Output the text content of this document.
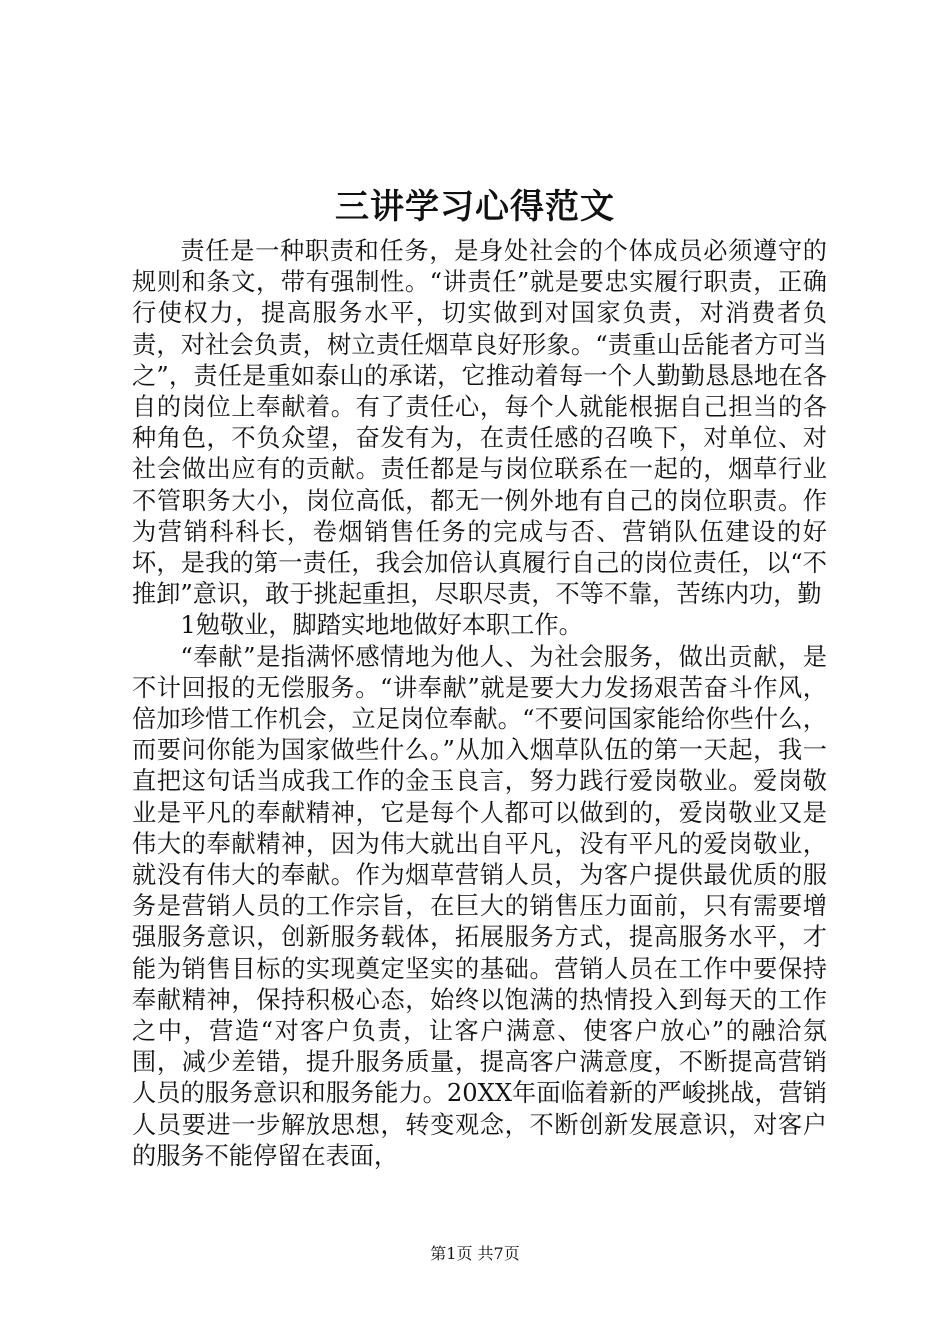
三讲学习心得范文

责任是一种职责和任务，是身处社会的个体成员必须遵守的规则和条文，带有强制性。“讲责任”就是要忠实履行职责，正确行使权力，提高服务水平，切实做到对国家负责，对消费者负责，对社会负责，树立责任烟草良好形象。“责重山岳能者方可当之”，责任是重如泰山的承诺，它推动着每一个人勤勤恳恳地在各自的岗位上奉献着。有了责任心，每个人就能根据自己担当的各种角色，不负众望，奋发有为，在责任感的召唤下，对单位、对社会做出应有的贡献。责任都是与岗位联系在一起的，烟草行业不管职务大小，岗位高低，都无一例外地有自己的岗位职责。作为营销科科长，卷烟销售任务的完成与否、营销队伍建设的好坏，是我的第一责任，我会加倍认真履行自己的岗位责任，以“不推卸”意识，敢于挑起重担，尽职尽责，不等不靠，苦练内功，勤

1勉敬业，脚踏实地地做好本职工作。

“奉献”是指满怀感情地为他人、为社会服务，做出贡献，是不计回报的无偿服务。“讲奉献”就是要大力发扬艰苦奋斗作风，倍加珍惜工作机会，立足岗位奉献。“不要问国家能给你些什么，而要问你能为国家做些什么。”从加入烟草队伍的第一天起，我一直把这句话当成我工作的金玉良言，努力践行爱岗敬业。爱岗敬业是平凡的奉献精神，它是每个人都可以做到的，爱岗敬业又是伟大的奉献精神，因为伟大就出自平凡，没有平凡的爱岗敬业，就没有伟大的奉献。作为烟草营销人员，为客户提供最优质的服务是营销人员的工作宗旨，在巨大的销售压力面前，只有需要增强服务意识，创新服务载体，拓展服务方式，提高服务水平，才能为销售目标的实现奠定坚实的基础。营销人员在工作中要保持奉献精神，保持积极心态，始终以饱满的热情投入到每天的工作之中，营造“对客户负责，让客户满意、使客户放心”的融洽氛围，减少差错，提升服务质量，提高客户满意度，不断提高营销人员的服务意识和服务能力。20XX年面临着新的严峻挑战，营销人员要进一步解放思想，转变观念，不断创新发展意识，对客户的服务不能停留在表面，

第1页 共7页
